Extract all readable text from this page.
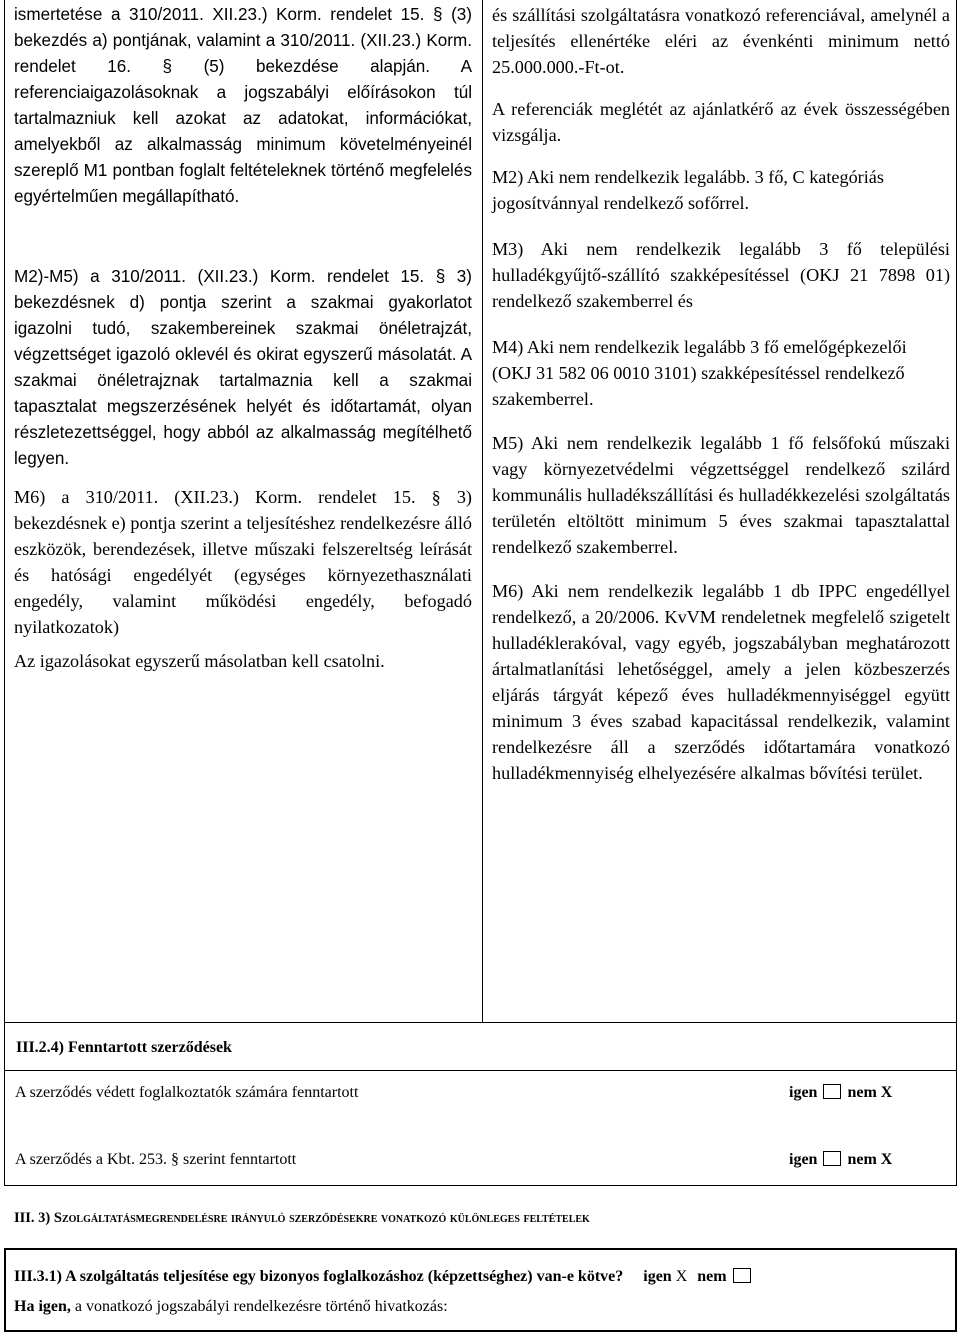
ismertetése a 310/2011. XII.23.) Korm. rendelet 15. § (3) bekezdés a) pontjának, valamint a 310/2011. (XII.23.) Korm. rendelet 16. § (5) bekezdése alapján. A referenciaigazolásoknak a jogszabályi előírásokon túl tartalmazniuk kell azokat az adatokat, információkat, amelyekből az alkalmasság minimum követelményeinél szereplő M1 pontban foglalt feltételeknek történő megfelelés egyértelműen megállapítható.

M2)-M5) a 310/2011. (XII.23.) Korm. rendelet 15. § 3) bekezdésnek d) pontja szerint a szakmai gyakorlatot igazolni tudó, szakembereinek szakmai önéletrajzát, végzettséget igazoló oklevél és okirat egyszerű másolatát. A szakmai önéletrajznak tartalmaznia kell a szakmai tapasztalat megszerzésének helyét és időtartamát, olyan részletezettséggel, hogy abból az alkalmasság megítélhető legyen.

M6) a 310/2011. (XII.23.) Korm. rendelet 15. § 3) bekezdésnek e) pontja szerint a teljesítéshez rendelkezésre álló eszközök, berendezések, illetve műszaki felszereltség leírását és hatósági engedélyét (egységes környezethasználati engedély, valamint működési engedély, befogadó nyilatkozatok)

Az igazolásokat egyszerű másolatban kell csatolni.

és szállítási szolgáltatásra vonatkozó referenciával, amelynél a teljesítés ellenértéke eléri az évenkénti minimum nettó 25.000.000.-Ft-ot.

A referenciák meglétét az ajánlatkérő az évek összességében vizsgálja.

M2) Aki nem rendelkezik legalább. 3 fő, C kategóriás jogosítvánnyal rendelkező sofőrrel.

M3) Aki nem rendelkezik legalább 3 fő települési hulladékgyűjtő-szállító szakképesítéssel (OKJ 21 7898 01) rendelkező szakemberrel és

M4) Aki nem rendelkezik legalább 3 fő emelőgépkezelői (OKJ 31 582 06 0010 3101) szakképesítéssel rendelkező szakemberrel.

M5) Aki nem rendelkezik legalább 1 fő felsőfokú műszaki vagy környezetvédelmi végzettséggel rendelkező szilárd kommunális hulladékszállítási és hulladékkezelési szolgáltatás területén eltöltött minimum 5 éves szakmai tapasztalattal rendelkező szakemberrel.

M6) Aki nem rendelkezik legalább 1 db IPPC engedéllyel rendelkező, a 20/2006. KvVM rendeletnek megfelelő szigetelt hulladéklerakóval, vagy egyéb, jogszabályban meghatározott ártalmatlanítási lehetőséggel, amely a jelen közbeszerzés eljárás tárgyát képező éves hulladékmennyiséggel együtt minimum 3 éves szabad kapacitással rendelkezik, valamint rendelkezésre áll a szerződés időtartamára vonatkozó hulladékmennyiség elhelyezésére alkalmas bővítési terület.

III.2.4) Fenntartott szerződések
A szerződés védett foglalkoztatók számára fenntartott	igen nem X
A szerződés a Kbt. 253. § szerint fenntartott	igen nem X
III. 3) Szolgáltatásmegrendelésre irányuló szerződésekre vonatkozó különleges feltételek
III.3.1) A szolgáltatás teljesítése egy bizonyos foglalkozáshoz (képzettséghez) van-e kötve? igen X nem
Ha igen, a vonatkozó jogszabályi rendelkezésre történő hivatkozás:
